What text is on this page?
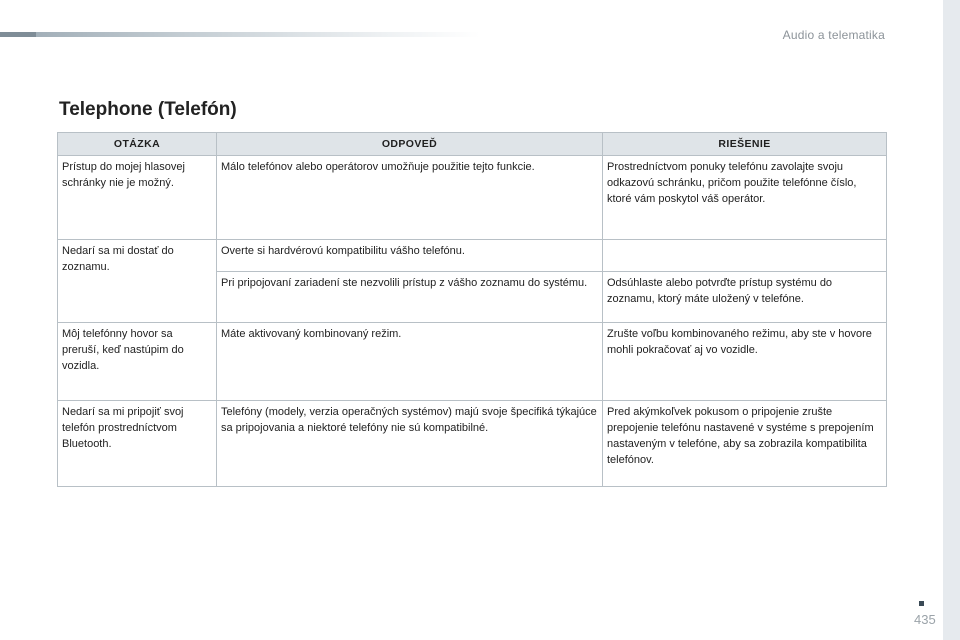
Audio a telematika
Telephone (Telefón)
OTÁZKA	ODPOVEĎ	RIEŠENIE
Prístup do mojej hlasovej schránky nie je možný.	Málo telefónov alebo operátorov umožňuje použitie tejto funkcie.	Prostredníctvom ponuky telefónu zavolajte svoju odkazovú schránku, pričom použite telefónne číslo, ktoré vám poskytol váš operátor.
Nedarí sa mi dostať do zoznamu.	Overte si hardvérovú kompatibilitu vášho telefónu.	
	Pri pripojovaní zariadení ste nezvolili prístup z vášho zoznamu do systému.	Odsúhlaste alebo potvrďte prístup systému do zoznamu, ktorý máte uložený v telefóne.
Môj telefónny hovor sa preruší, keď nastúpim do vozidla.	Máte aktivovaný kombinovaný režim.	Zrušte voľbu kombinovaného režimu, aby ste v hovore mohli pokračovať aj vo vozidle.
Nedarí sa mi pripojiť svoj telefón prostredníctvom Bluetooth.	Telefóny (modely, verzia operačných systémov) majú svoje špecifiká týkajúce sa pripojovania a niektoré telefóny nie sú kompatibilné.	Pred akýmkoľvek pokusom o pripojenie zrušte prepojenie telefónu nastavené v systéme s prepojením nastaveným v telefóne, aby sa zobrazila kompatibilita telefónov.
435
